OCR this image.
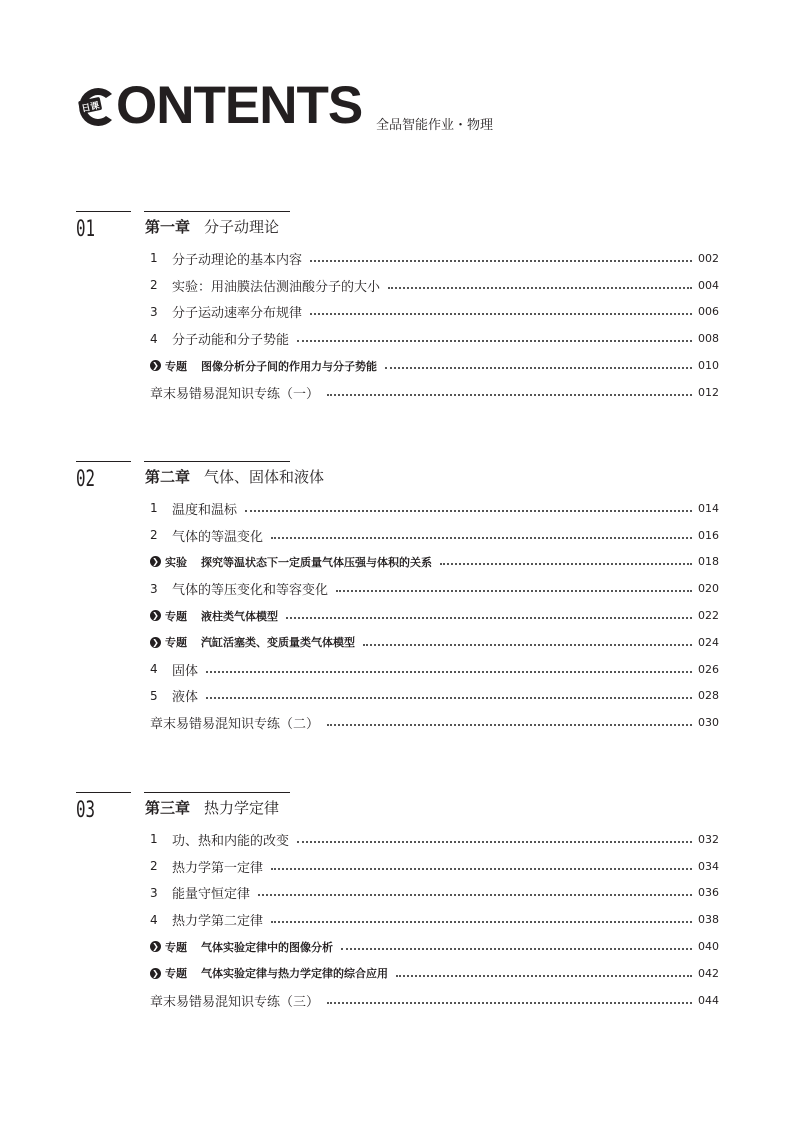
日课 ONTENTS 全品智能作业・物理
01	第一章 分子动理论
1	分子动理论的基本内容	002
2	实验：用油膜法估测油酸分子的大小	004
3	分子运动速率分布规律	006
4	分子动能和分子势能	008
❯ 专题 图像分析分子间的作用力与分子势能	010
章末易错易混知识专练（一）	012
02	第二章 气体、固体和液体
1	温度和温标	014
2	气体的等温变化	016
❯ 实验 探究等温状态下一定质量气体压强与体积的关系	018
3	气体的等压变化和等容变化	020
❯ 专题 液柱类气体模型	022
❯ 专题 汽缸活塞类、变质量类气体模型	024
4	固体	026
5	液体	028
章末易错易混知识专练（二）	030
03	第三章 热力学定律
1	功、热和内能的改变	032
2	热力学第一定律	034
3	能量守恒定律	036
4	热力学第二定律	038
❯ 专题 气体实验定律中的图像分析	040
❯ 专题 气体实验定律与热力学定律的综合应用	042
章末易错易混知识专练（三）	044
